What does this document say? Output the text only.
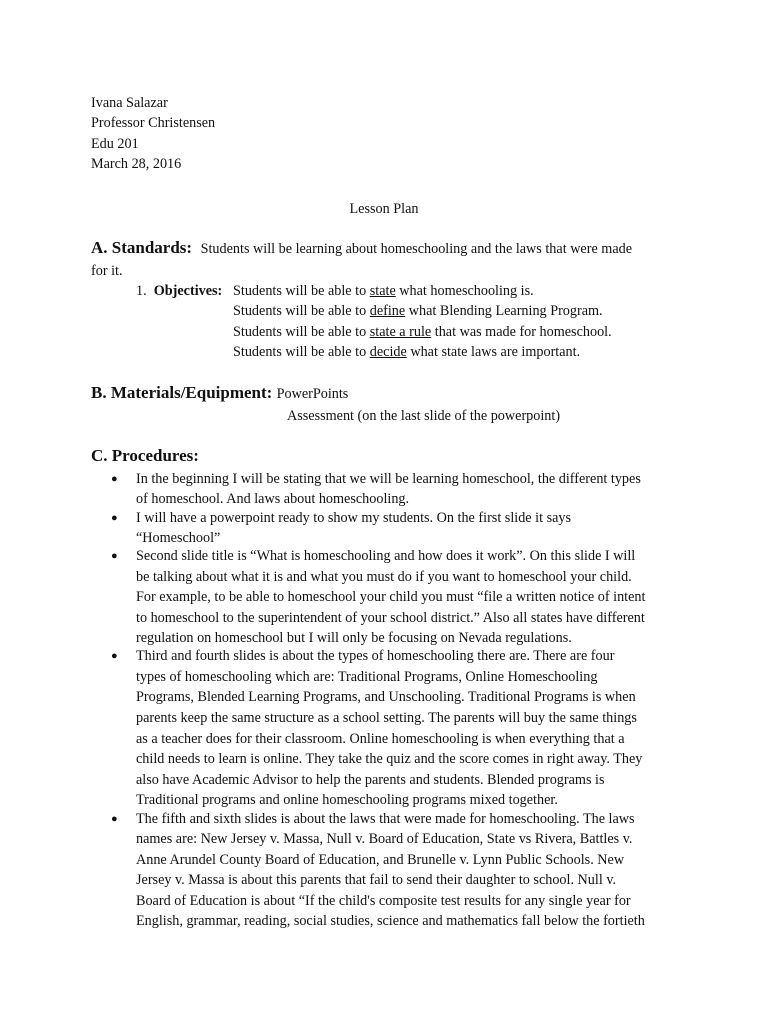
Ivana Salazar
Professor Christensen
Edu 201
March 28, 2016
Lesson Plan
A. Standards: Students will be learning about homeschooling and the laws that were made
for it.
1. Objectives: Students will be able to state what homeschooling is.
Students will be able to define what Blending Learning Program.
Students will be able to state a rule that was made for homeschool.
Students will be able to decide what state laws are important.
B. Materials/Equipment: PowerPoints
Assessment (on the last slide of the powerpoint)
C. Procedures:
● In the beginning I will be stating that we will be learning homeschool, the different types
of homeschool. And laws about homeschooling.
● I will have a powerpoint ready to show my students. On the first slide it says
“Homeschool”
● Second slide title is “What is homeschooling and how does it work”. On this slide I will
be talking about what it is and what you must do if you want to homeschool your child.
For example, to be able to homeschool your child you must “file a written notice of intent
to homeschool to the superintendent of your school district.” Also all states have different
regulation on homeschool but I will only be focusing on Nevada regulations.
● Third and fourth slides is about the types of homeschooling there are. There are four
types of homeschooling which are: Traditional Programs, Online Homeschooling
Programs, Blended Learning Programs, and Unschooling. Traditional Programs is when
parents keep the same structure as a school setting. The parents will buy the same things
as a teacher does for their classroom. Online homeschooling is when everything that a
child needs to learn is online. They take the quiz and the score comes in right away. They
also have Academic Advisor to help the parents and students. Blended programs is
Traditional programs and online homeschooling programs mixed together.
● The fifth and sixth slides is about the laws that were made for homeschooling. The laws
names are: New Jersey v. Massa, Null v. Board of Education, State vs Rivera, Battles v.
Anne Arundel County Board of Education, and Brunelle v. Lynn Public Schools. New
Jersey v. Massa is about this parents that fail to send their daughter to school. Null v.
Board of Education is about “If the child's composite test results for any single year for
English, grammar, reading, social studies, science and mathematics fall below the fortieth
